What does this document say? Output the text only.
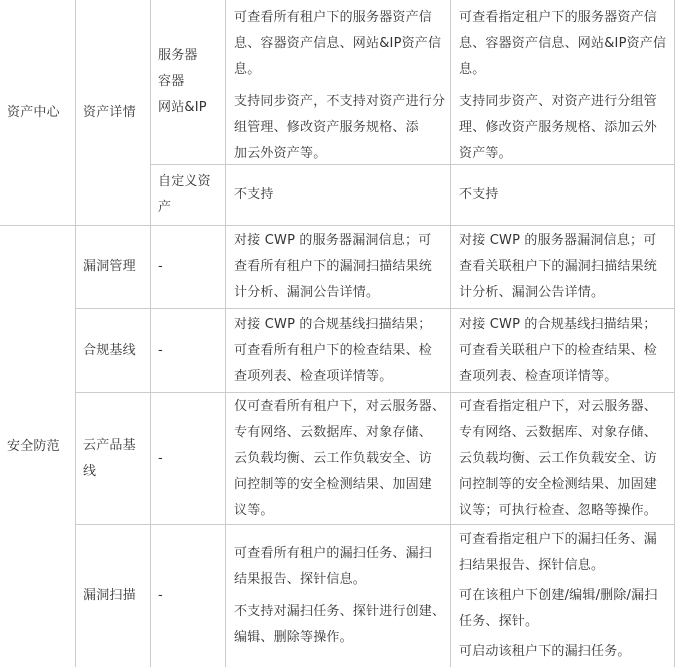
资产中心 资产详情

服务器

容器

网站&IP

可查看所有租户下的服务器资产信
息、容器资产信息、网站&IP资产信
息。

支持同步资产，不支持对资产进行分
组管理、修改资产服务规格、添
加云外资产等。

可查看指定租户下的服务器资产信
息、容器资产信息、网站&IP资产信
息。

支持同步资产、对资产进行分组管
理、修改资产服务规格、添加云外
资产等。

自定义资
产

不支持	不支持

安全防范

漏洞管理 -

对接 CWP 的服务器漏洞信息；可
查看所有租户下的漏洞扫描结果统
计分析、漏洞公告详情。

对接 CWP 的服务器漏洞信息；可
查看关联租户下的漏洞扫描结果统
计分析、漏洞公告详情。

合规基线 -

对接 CWP 的合规基线扫描结果；
可查看所有租户下的检查结果、检
查项列表、检查项详情等。

对接 CWP 的合规基线扫描结果；
可查看关联租户下的检查结果、检
查项列表、检查项详情等。

云产品基
线

-

仅可查看所有租户下，对云服务器、
专有网络、云数据库、对象存储、
云负载均衡、云工作负载安全、访
问控制等的安全检测结果、加固建
议等。

可查看指定租户下，对云服务器、
专有网络、云数据库、对象存储、
云负载均衡、云工作负载安全、访
问控制等的安全检测结果、加固建
议等；可执行检查、忽略等操作。

漏洞扫描 -

可查看所有租户的漏扫任务、漏扫
结果报告、探针信息。

不支持对漏扫任务、探针进行创建、
编辑、删除等操作。

可查看指定租户下的漏扫任务、漏
扫结果报告、探针信息。

可在该租户下创建/编辑/删除/漏扫
任务、探针。

可启动该租户下的漏扫任务。
